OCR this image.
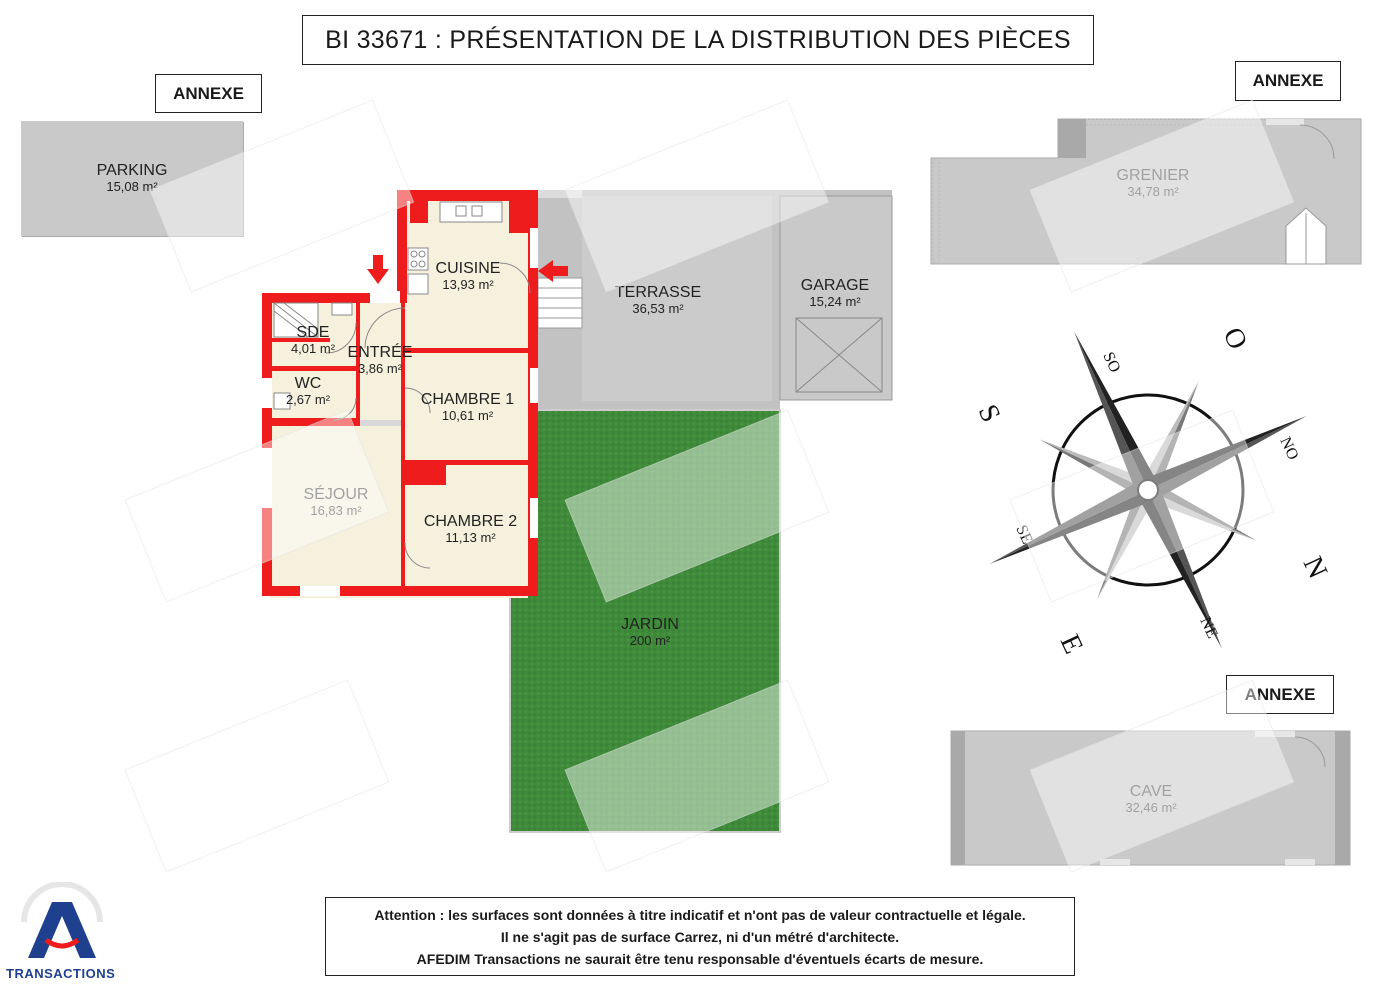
BI 33671 : PRÉSENTATION DE LA DISTRIBUTION DES PIÈCES
ANNEXE
ANNEXE
ANNEXE
PARKING
15,08 m²
GRENIER
34,78 m²
CAVE
32,46 m²
TERRASSE
36,53 m²
GARAGE
15,24 m²
JARDIN
200 m²
CUISINE
13,93 m²
SDE
4,01 m² ENTRÉE
3,86 m²
WC
2,67 m²	CHAMBRE 1
10,61 m²
SÉJOUR
16,83 m²
CHAMBRE 2
11,13 m²
O
N
E
S
SO
NO
NE
SE
Attention : les surfaces sont données à titre indicatif et n'ont pas de valeur contractuelle et légale.
Il ne s'agit pas de surface Carrez, ni d'un métré d'architecte.
AFEDIM Transactions ne saurait être tenu responsable d'éventuels écarts de mesure.
TRANSACTIONS
